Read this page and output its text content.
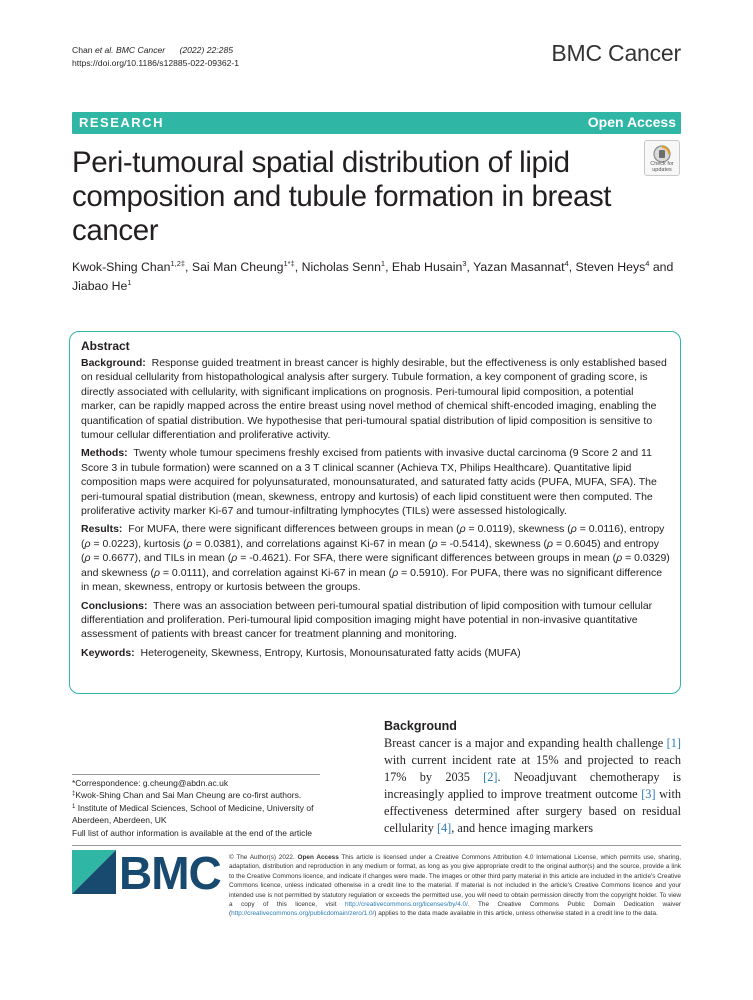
Chan et al. BMC Cancer (2022) 22:285
https://doi.org/10.1186/s12885-022-09362-1	BMC Cancer
RESEARCH	Open Access
Peri-tumoural spatial distribution of lipid composition and tubule formation in breast cancer
Check for
updates
Kwok-Shing Chan$^{1,2\ddagger}$, Sai Man Cheung$^{1*\ddagger}$, Nicholas Senn$^1$, Ehab Husain$^3$, Yazan Masannat$^4$, Steven Heys$^4$ and Jiabao He$^1$
Abstract

Background: Response guided treatment in breast cancer is highly desirable, but the effectiveness is only established based on residual cellularity from histopathological analysis after surgery. Tubule formation, a key component of grading score, is directly associated with cellularity, with significant implications on prognosis. Peri-tumoural lipid composition, a potential marker, can be rapidly mapped across the entire breast using novel method of chemical shift-encoded imaging, enabling the quantification of spatial distribution. We hypothesise that peri-tumoural spatial distribution of lipid composition is sensitive to tumour cellular differentiation and proliferative activity.

Methods: Twenty whole tumour specimens freshly excised from patients with invasive ductal carcinoma (9 Score 2 and 11 Score 3 in tubule formation) were scanned on a 3 T clinical scanner (Achieva TX, Philips Healthcare). Quantitative lipid composition maps were acquired for polyunsaturated, monounsaturated, and saturated fatty acids (PUFA, MUFA, SFA). The peri-tumoural spatial distribution (mean, skewness, entropy and kurtosis) of each lipid constituent were then computed. The proliferative activity marker Ki-67 and tumour-infiltrating lymphocytes (TILs) were assessed histologically.

Results: For MUFA, there were significant differences between groups in mean (ρ = 0.0119), skewness (ρ = 0.0116), entropy (ρ = 0.0223), kurtosis (ρ = 0.0381), and correlations against Ki-67 in mean (ρ = -0.5414), skewness (ρ = 0.6045) and entropy (ρ = 0.6677), and TILs in mean (ρ = -0.4621). For SFA, there were significant differences between groups in mean (ρ = 0.0329) and skewness (ρ = 0.0111), and correlation against Ki-67 in mean (ρ = 0.5910). For PUFA, there was no significant difference in mean, skewness, entropy or kurtosis between the groups.

Conclusions: There was an association between peri-tumoural spatial distribution of lipid composition with tumour cellular differentiation and proliferation. Peri-tumoural lipid composition imaging might have potential in non-invasive quantitative assessment of patients with breast cancer for treatment planning and monitoring.

Keywords: Heterogeneity, Skewness, Entropy, Kurtosis, Monounsaturated fatty acids (MUFA)

*Correspondence: g.cheung@abdn.ac.uk
‡Kwok-Shing Chan and Sai Man Cheung are co-first authors.
$^1$ Institute of Medical Sciences, School of Medicine, University of Aberdeen, Aberdeen, UK
Full list of author information is available at the end of the article
Background
Breast cancer is a major and expanding health challenge [1] with current incident rate at 15% and projected to reach 17% by 2035 [2]. Neoadjuvant chemotherapy is increasingly applied to improve treatment outcome [3] with effectiveness determined after surgery based on residual cellularity [4], and hence imaging markers
BMC © The Author(s) 2022. Open Access This article is licensed under a Creative Commons Attribution 4.0 International License, which permits use, sharing, adaptation, distribution and reproduction in any medium or format, as long as you give appropriate credit to the original author(s) and the source, provide a link to the Creative Commons licence, and indicate if changes were made. The images or other third party material in this article are included in the article's Creative Commons licence, unless indicated otherwise in a credit line to the material. If material is not included in the article's Creative Commons licence and your intended use is not permitted by statutory regulation or exceeds the permitted use, you will need to obtain permission directly from the copyright holder. To view a copy of this licence, visit http://creativecommons.org/licenses/by/4.0/. The Creative Commons Public Domain Dedication waiver (http://creativecommons.org/publicdomain/zero/1.0/) applies to the data made available in this article, unless otherwise stated in a credit line to the data.
